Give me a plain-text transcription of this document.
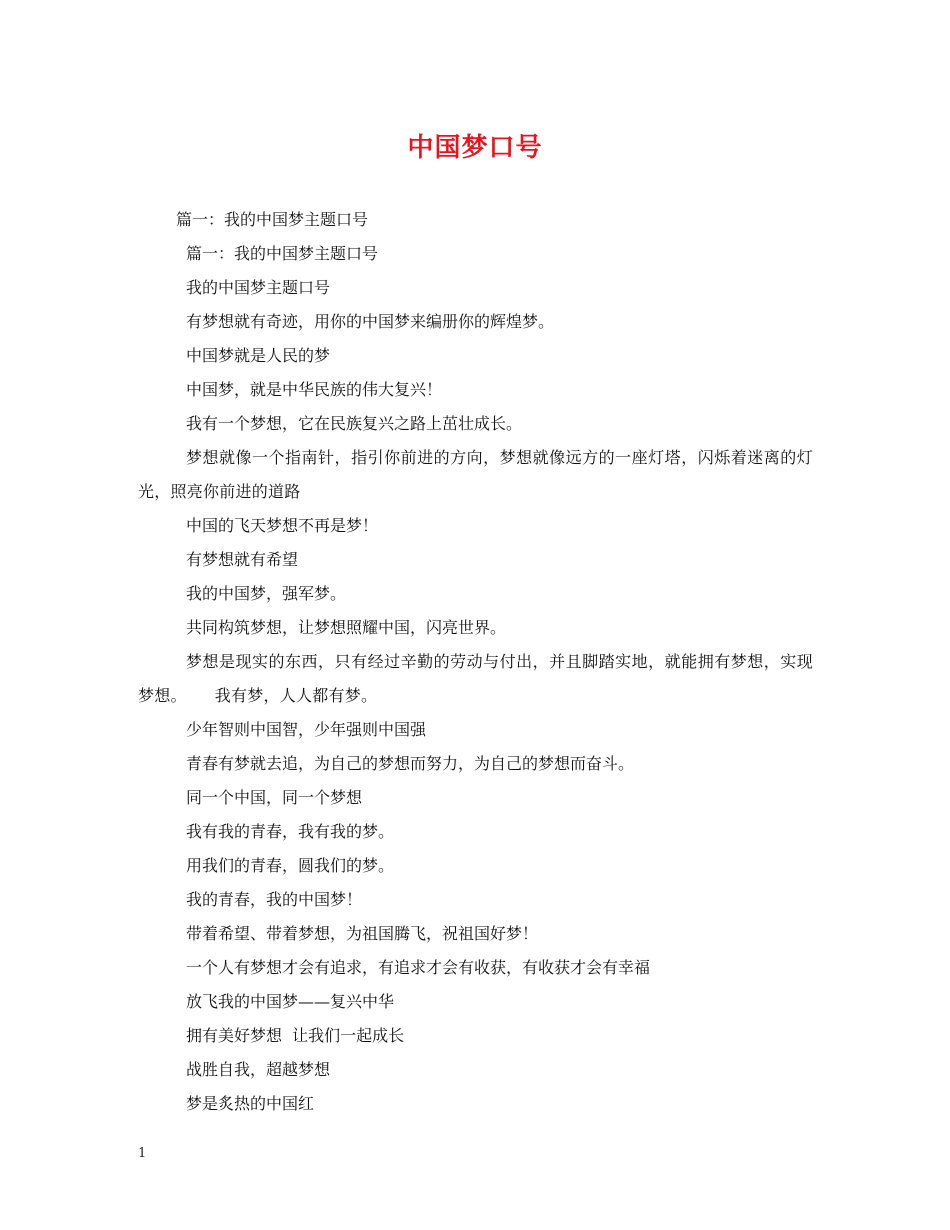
中国梦口号

篇一：我的中国梦主题口号

篇一：我的中国梦主题口号

我的中国梦主题口号

有梦想就有奇迹，用你的中国梦来编册你的辉煌梦。

中国梦就是人民的梦

中国梦，就是中华民族的伟大复兴！

我有一个梦想，它在民族复兴之路上茁壮成长。

梦想就像一个指南针，指引你前进的方向，梦想就像远方的一座灯塔，闪烁着迷离的灯光，照亮你前进的道路

中国的飞天梦想不再是梦！

有梦想就有希望

我的中国梦，强军梦。

共同构筑梦想，让梦想照耀中国，闪亮世界。

梦想是现实的东西，只有经过辛勤的劳动与付出，并且脚踏实地，就能拥有梦想，实现梦想。 我有梦，人人都有梦。

少年智则中国智，少年强则中国强

青春有梦就去追，为自己的梦想而努力，为自己的梦想而奋斗。

同一个中国，同一个梦想

我有我的青春，我有我的梦。

用我们的青春，圆我们的梦。

我的青春，我的中国梦！

带着希望、带着梦想，为祖国腾飞，祝祖国好梦！

一个人有梦想才会有追求，有追求才会有收获，有收获才会有幸福

放飞我的中国梦——复兴中华

拥有美好梦想  让我们一起成长

战胜自我，超越梦想

梦是炙热的中国红

1
